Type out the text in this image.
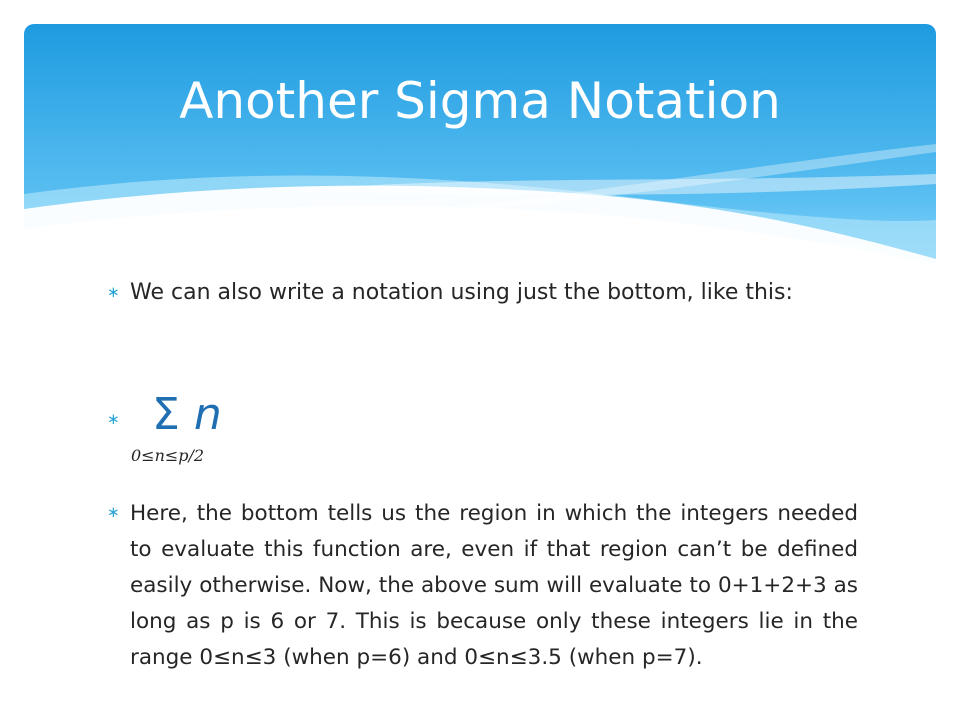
Another Sigma Notation
∗ We can also write a notation using just the bottom, like this:
∗ Σ n
0≤n≤p/2
∗ Here, the bottom tells us the region in which the integers needed to evaluate this function are, even if that region can’t be defined easily otherwise. Now, the above sum will evaluate to 0+1+2+3 as long as p is 6 or 7. This is because only these integers lie in the range 0≤n≤3 (when p=6) and 0≤n≤3.5 (when p=7).
